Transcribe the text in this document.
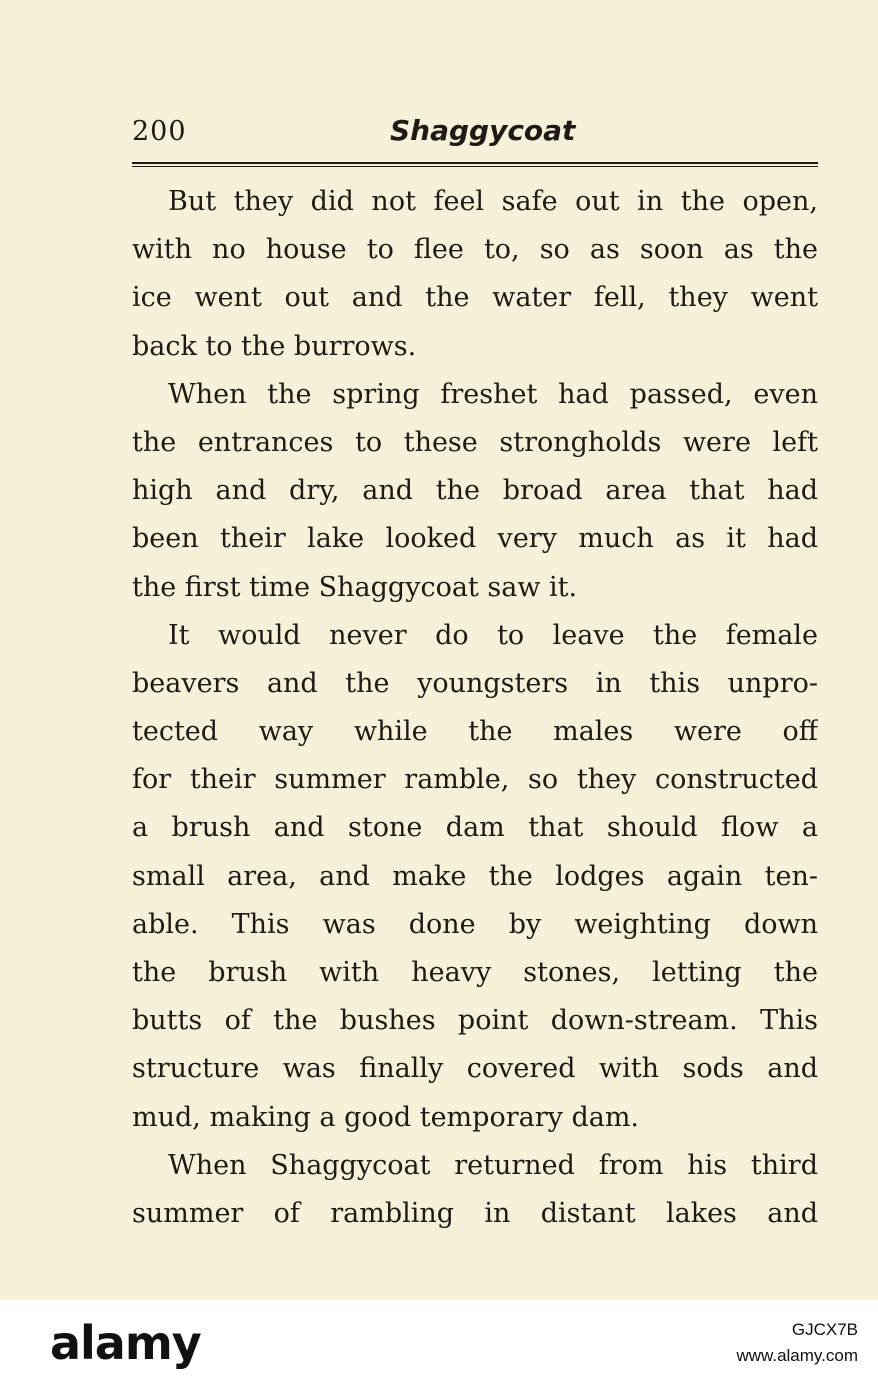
200	Shaggycoat
But they did not feel safe out in the open,
with no house to flee to, so as soon as the
ice went out and the water fell, they went
back to the burrows.
When the spring freshet had passed, even
the entrances to these strongholds were left
high and dry, and the broad area that had
been their lake looked very much as it had
the first time Shaggycoat saw it.
It would never do to leave the female
beavers and the youngsters in this unpro-
tected way while the males were off
for their summer ramble, so they constructed
a brush and stone dam that should flow a
small area, and make the lodges again ten-
able. This was done by weighting down
the brush with heavy stones, letting the
butts of the bushes point down-stream. This
structure was finally covered with sods and
mud, making a good temporary dam.
When Shaggycoat returned from his third
summer of rambling in distant lakes and
alamy	GJCX7B
www.alamy.com
